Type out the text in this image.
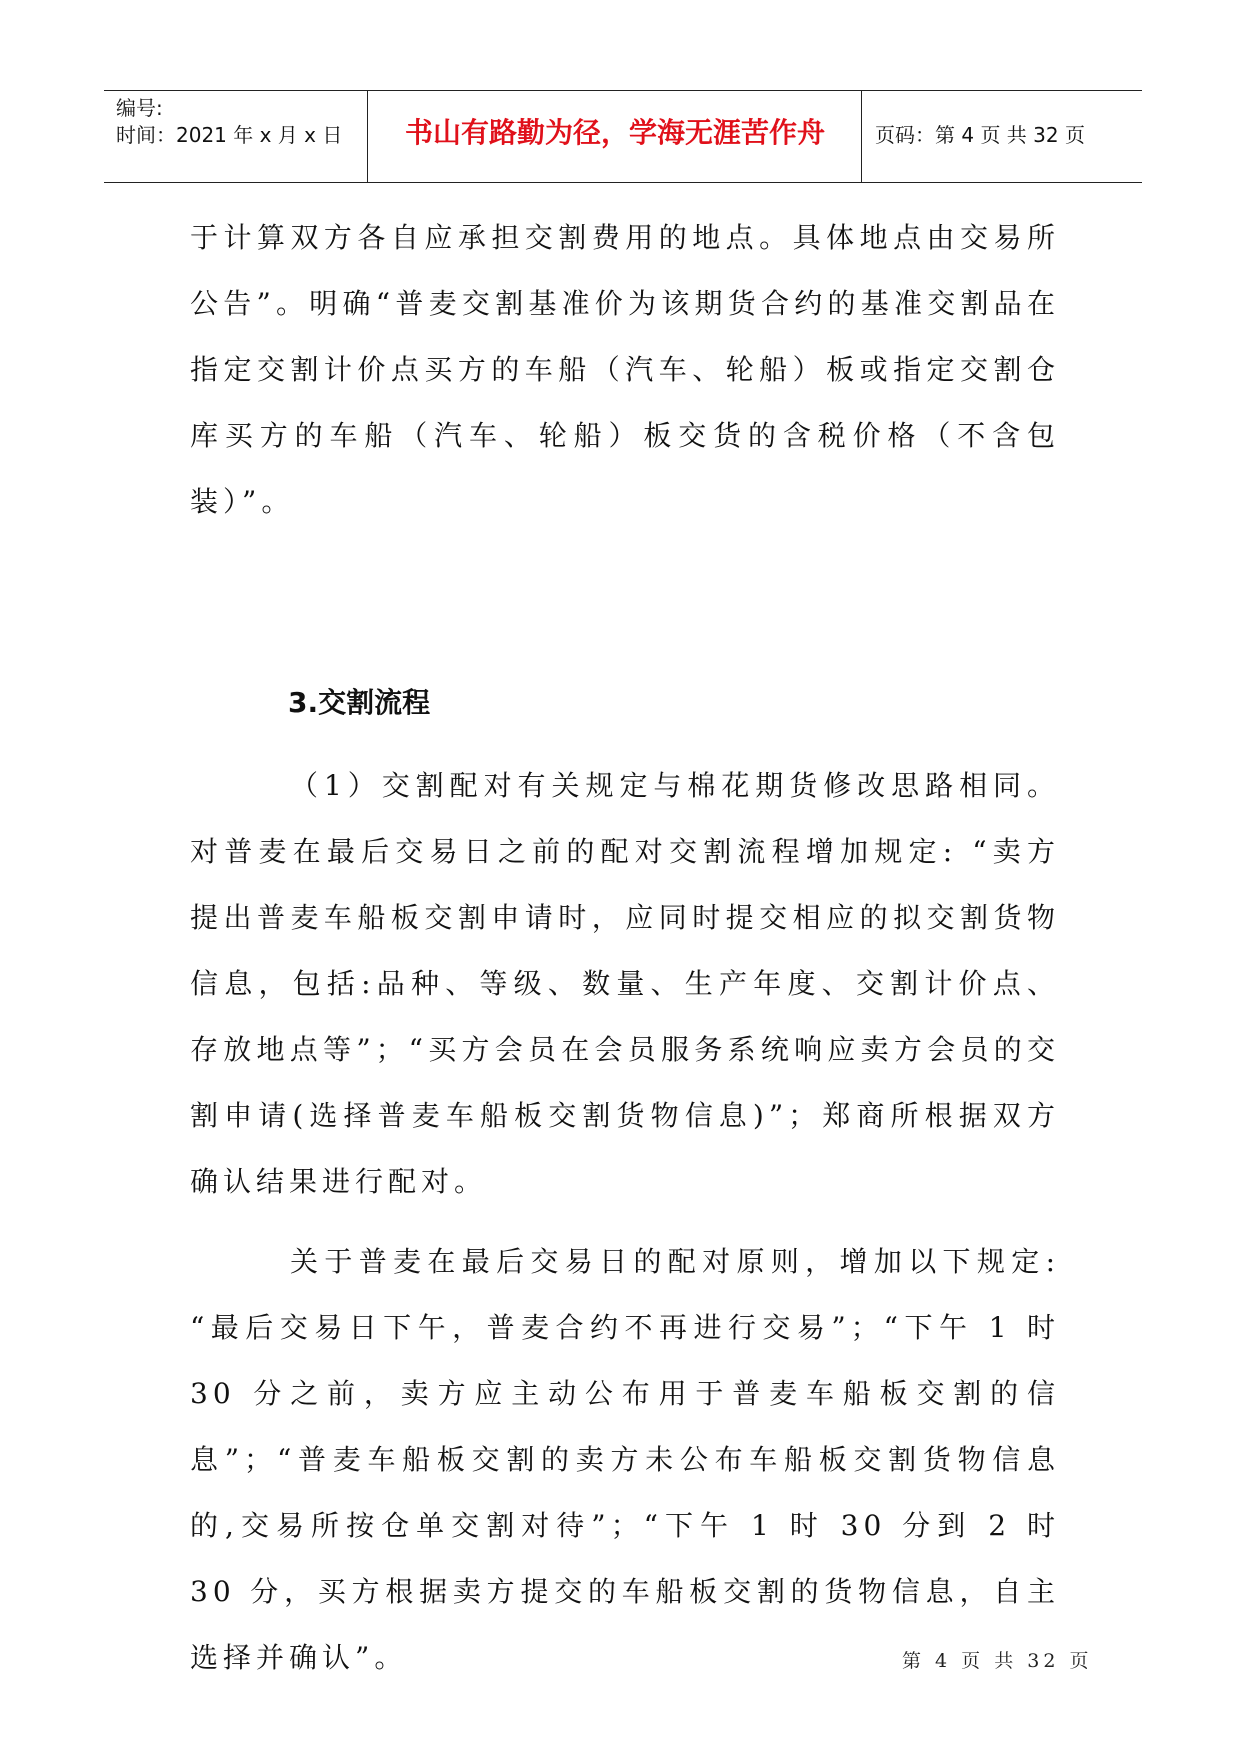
编号:
时间：2021 年 x 月 x 日	书山有路勤为径，学海无涯苦作舟	页码：第 4 页 共 32 页

于计算双方各自应承担交割费用的地点。具体地点由交易所公告”。明确“普麦交割基准价为该期货合约的基准交割品在指定交割计价点买方的车船（汽车、轮船）板或指定交割仓库买方的车船（汽车、轮船）板交货的含税价格（不含包装）”。

3.交割流程

（1）交割配对有关规定与棉花期货修改思路相同。对普麦在最后交易日之前的配对交割流程增加规定: “卖方提出普麦车船板交割申请时，应同时提交相应的拟交割货物信息，包括:品种、等级、数量、生产年度、交割计价点、存放地点等”；“买方会员在会员服务系统响应卖方会员的交割申请(选择普麦车船板交割货物信息)”；郑商所根据双方确认结果进行配对。

关于普麦在最后交易日的配对原则，增加以下规定: “最后交易日下午，普麦合约不再进行交易”；“下午 1 时 30 分之前，卖方应主动公布用于普麦车船板交割的信息”；“普麦车船板交割的卖方未公布车船板交割货物信息的,交易所按仓单交割对待”；“下午 1 时 30 分到 2 时 30 分，买方根据卖方提交的车船板交割的货物信息，自主选择并确认”。	第 4 页 共 32 页
